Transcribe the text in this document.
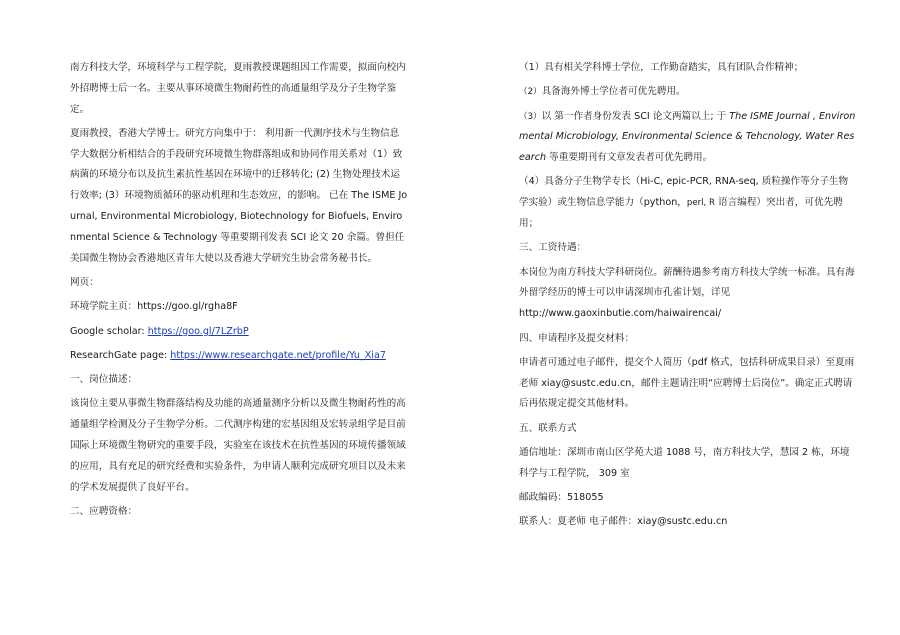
南方科技大学，环境科学与工程学院，夏雨教授课题组因工作需要，拟面向校内外招聘博士后一名。主要从事环境微生物耐药性的高通量组学及分子生物学鉴定。

夏雨教授，香港大学博士。研究方向集中于： 利用新一代测序技术与生物信息学大数据分析相结合的手段研究环境微生物群落组成和协同作用关系对（1）致病菌的环境分布以及抗生素抗性基因在环境中的迁移转化; (2) 生物处理技术运行效率; (3）环境物质循环的驱动机理和生态效应，的影响。 已在 The ISME Journal, Environmental Microbiology, Biotechnology for Biofuels, Environmental Science & Technology 等重要期刊发表 SCI 论文 20 余篇。曾担任美国微生物协会香港地区青年大使以及香港大学研究生协会常务秘书长。

网页：

环境学院主页：https://goo.gl/rgha8F

Google scholar: https://goo.gl/7LZrbP

ResearchGate page: https://www.researchgate.net/profile/Yu_Xia7

一、岗位描述：

该岗位主要从事微生物群落结构及功能的高通量测序分析以及微生物耐药性的高通量组学检测及分子生物学分析。二代测序构建的宏基因组及宏转录组学是目前国际上环境微生物研究的重要手段，实验室在该技术在抗性基因的环境传播领域的应用，具有充足的研究经费和实验条件，为申请人顺利完成研究项目以及未来的学术发展提供了良好平台。

二、应聘资格：

（1）具有相关学科博士学位，工作勤奋踏实，具有团队合作精神；

（2）具备海外博士学位者可优先聘用。

（3）以 第一作者身份发表 SCI 论文两篇以上; 于 The ISME Journal , Environmental Microbiology, Environmental Science & Tehcnology, Water Research 等重要期刊有文章发表者可优先聘用。

（4）具备分子生物学专长（Hi-C, epic-PCR, RNA-seq, 质粒操作等分子生物学实验）或生物信息学能力（python，perl, R 语言编程）突出者，可优先聘用；

三、工资待遇：

本岗位为南方科技大学科研岗位。薪酬待遇参考南方科技大学统一标准。具有海外留学经历的博士可以申请深圳市孔雀计划，详见

http://www.gaoxinbutie.com/haiwairencai/

四、申请程序及提交材料：

申请者可通过电子邮件，提交个人简历（pdf 格式，包括科研成果目录）至夏雨老师 xiay@sustc.edu.cn，邮件主题请注明“应聘博士后岗位”。确定正式聘请后再依规定提交其他材料。

五、联系方式

通信地址：深圳市南山区学苑大道 1088 号，南方科技大学，慧园 2 栋，环境科学与工程学院， 309 室

邮政编码：518055

联系人：夏老师 电子邮件：xiay@sustc.edu.cn
